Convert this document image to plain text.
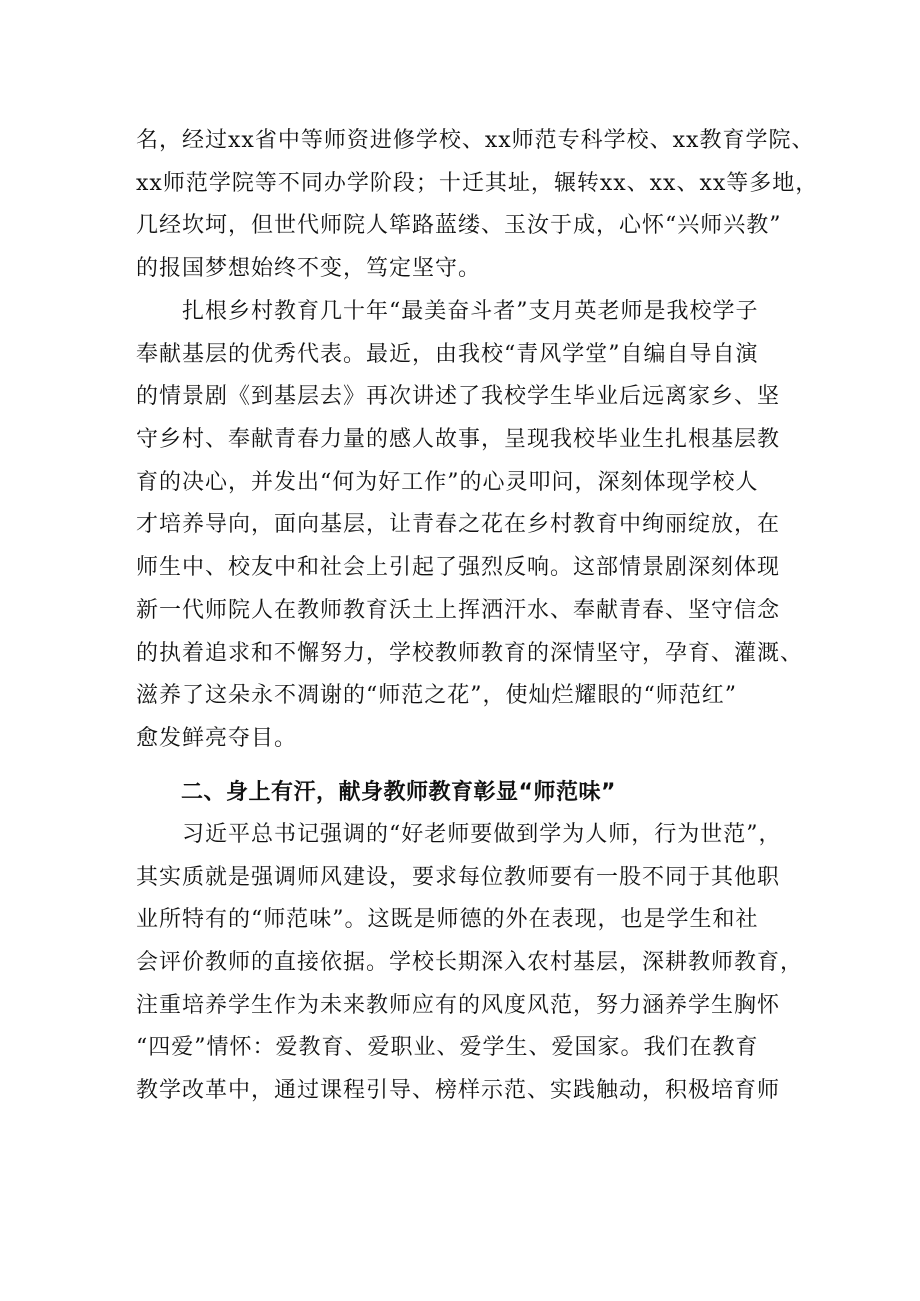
名，经过xx省中等师资进修学校、xx师范专科学校、xx教育学院、
xx师范学院等不同办学阶段；十迁其址，辗转xx、xx、xx等多地，
几经坎坷，但世代师院人筚路蓝缕、玉汝于成，心怀“兴师兴教”
的报国梦想始终不变，笃定坚守。
　　扎根乡村教育几十年“最美奋斗者”支月英老师是我校学子
奉献基层的优秀代表。最近，由我校“青风学堂”自编自导自演
的情景剧《到基层去》再次讲述了我校学生毕业后远离家乡、坚
守乡村、奉献青春力量的感人故事，呈现我校毕业生扎根基层教
育的决心，并发出“何为好工作”的心灵叩问，深刻体现学校人
才培养导向，面向基层，让青春之花在乡村教育中绚丽绽放，在
师生中、校友中和社会上引起了强烈反响。这部情景剧深刻体现
新一代师院人在教师教育沃土上挥洒汗水、奉献青春、坚守信念
的执着追求和不懈努力，学校教师教育的深情坚守，孕育、灌溉、
滋养了这朵永不凋谢的“师范之花”，使灿烂耀眼的“师范红”
愈发鲜亮夺目。
　　二、身上有汗，献身教师教育彰显“师范味”
　　习近平总书记强调的“好老师要做到学为人师，行为世范”，
其实质就是强调师风建设，要求每位教师要有一股不同于其他职
业所特有的“师范味”。这既是师德的外在表现，也是学生和社
会评价教师的直接依据。学校长期深入农村基层，深耕教师教育，
注重培养学生作为未来教师应有的风度风范，努力涵养学生胸怀
“四爱”情怀：爱教育、爱职业、爱学生、爱国家。我们在教育
教学改革中，通过课程引导、榜样示范、实践触动，积极培育师
